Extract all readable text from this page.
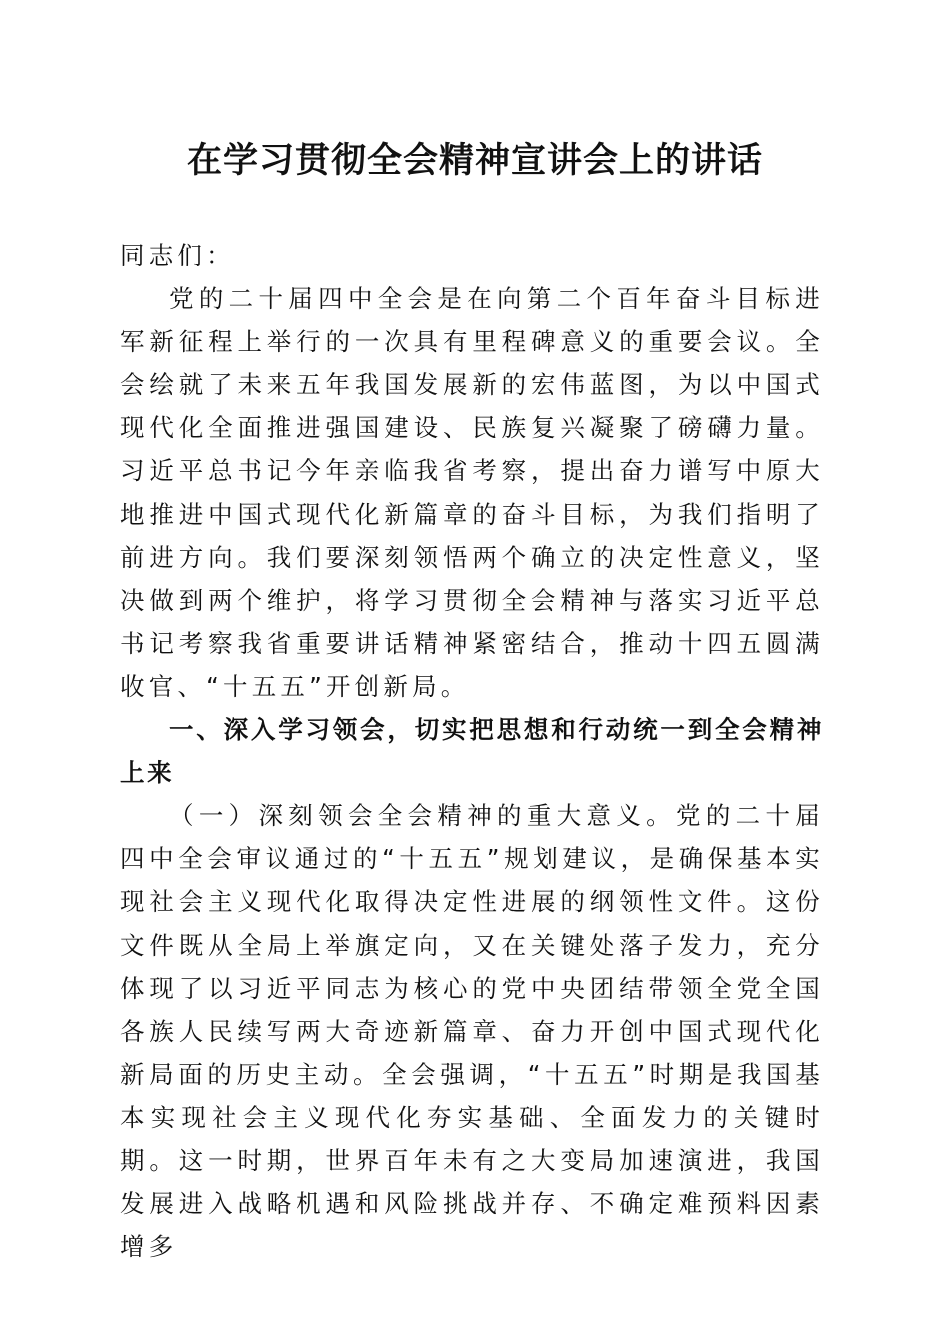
在学习贯彻全会精神宣讲会上的讲话

同志们：

党的二十届四中全会是在向第二个百年奋斗目标进军新征程上举行的一次具有里程碑意义的重要会议。全会绘就了未来五年我国发展新的宏伟蓝图，为以中国式现代化全面推进强国建设、民族复兴凝聚了磅礴力量。习近平总书记今年亲临我省考察，提出奋力谱写中原大地推进中国式现代化新篇章的奋斗目标，为我们指明了前进方向。我们要深刻领悟两个确立的决定性意义，坚决做到两个维护，将学习贯彻全会精神与落实习近平总书记考察我省重要讲话精神紧密结合，推动十四五圆满收官、“十五五”开创新局。

一、深入学习领会，切实把思想和行动统一到全会精神上来

（一）深刻领会全会精神的重大意义。党的二十届四中全会审议通过的“十五五”规划建议，是确保基本实现社会主义现代化取得决定性进展的纲领性文件。这份文件既从全局上举旗定向，又在关键处落子发力，充分体现了以习近平同志为核心的党中央团结带领全党全国各族人民续写两大奇迹新篇章、奋力开创中国式现代化新局面的历史主动。全会强调，“十五五”时期是我国基本实现社会主义现代化夯实基础、全面发力的关键时期。这一时期，世界百年未有之大变局加速演进，我国发展进入战略机遇和风险挑战并存、不确定难预料因素增多
